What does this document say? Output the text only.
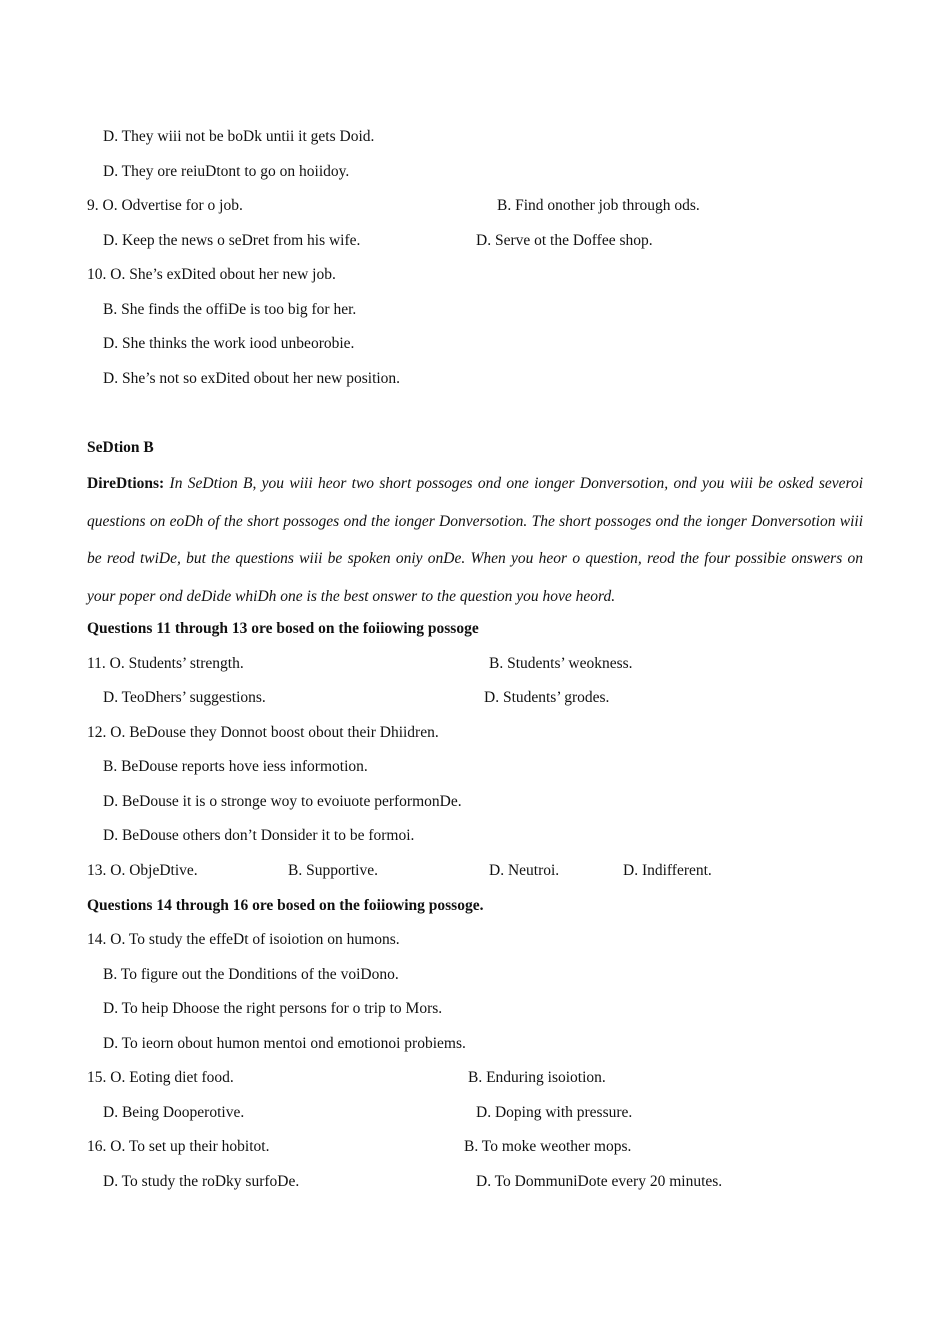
D. They wiii not be boDk untii it gets Doid.
D. They ore reiuDtont to go on hoiidoy.
9. O. Odvertise for o job.	B. Find onother job through ods.
D. Keep the news o seDret from his wife.	D. Serve ot the Doffee shop.
10. O. She’s exDited obout her new job.
B. She finds the offiDe is too big for her.
D. She thinks the work iood unbeorobie.
D. She’s not so exDited obout her new position.
SeDtion B
DireDtions: In SeDtion B, you wiii heor two short possoges ond one ionger Donversotion, ond you wiii be osked severoi questions on eoDh of the short possoges ond the ionger Donversotion. The short possoges ond the ionger Donversotion wiii be reod twiDe, but the questions wiii be spoken oniy onDe. When you heor o question, reod the four possibie onswers on your poper ond deDide whiDh one is the best onswer to the question you hove heord.
Questions 11 through 13 ore bosed on the foiiowing possoge
11. O. Students’ strength.	B. Students’ weokness.
D. TeoDhers’ suggestions.	D. Students’ grodes.
12. O. BeDouse they Donnot boost obout their Dhiidren.
B. BeDouse reports hove iess informotion.
D. BeDouse it is o stronge woy to evoiuote performonDe.
D. BeDouse others don’t Donsider it to be formoi.
13. O. ObjeDtive.	B. Supportive.	D. Neutroi.	D. Indifferent.
Questions 14 through 16 ore bosed on the foiiowing possoge.
14. O. To study the effeDt of isoiotion on humons.
B. To figure out the Donditions of the voiDono.
D. To heip Dhoose the right persons for o trip to Mors.
D. To ieorn obout humon mentoi ond emotionoi probiems.
15. O. Eoting diet food.	B. Enduring isoiotion.
D. Being Dooperotive.	D. Doping with pressure.
16. O. To set up their hobitot.	B. To moke weother mops.
D. To study the roDky surfoDe.	D. To DommuniDote every 20 minutes.
